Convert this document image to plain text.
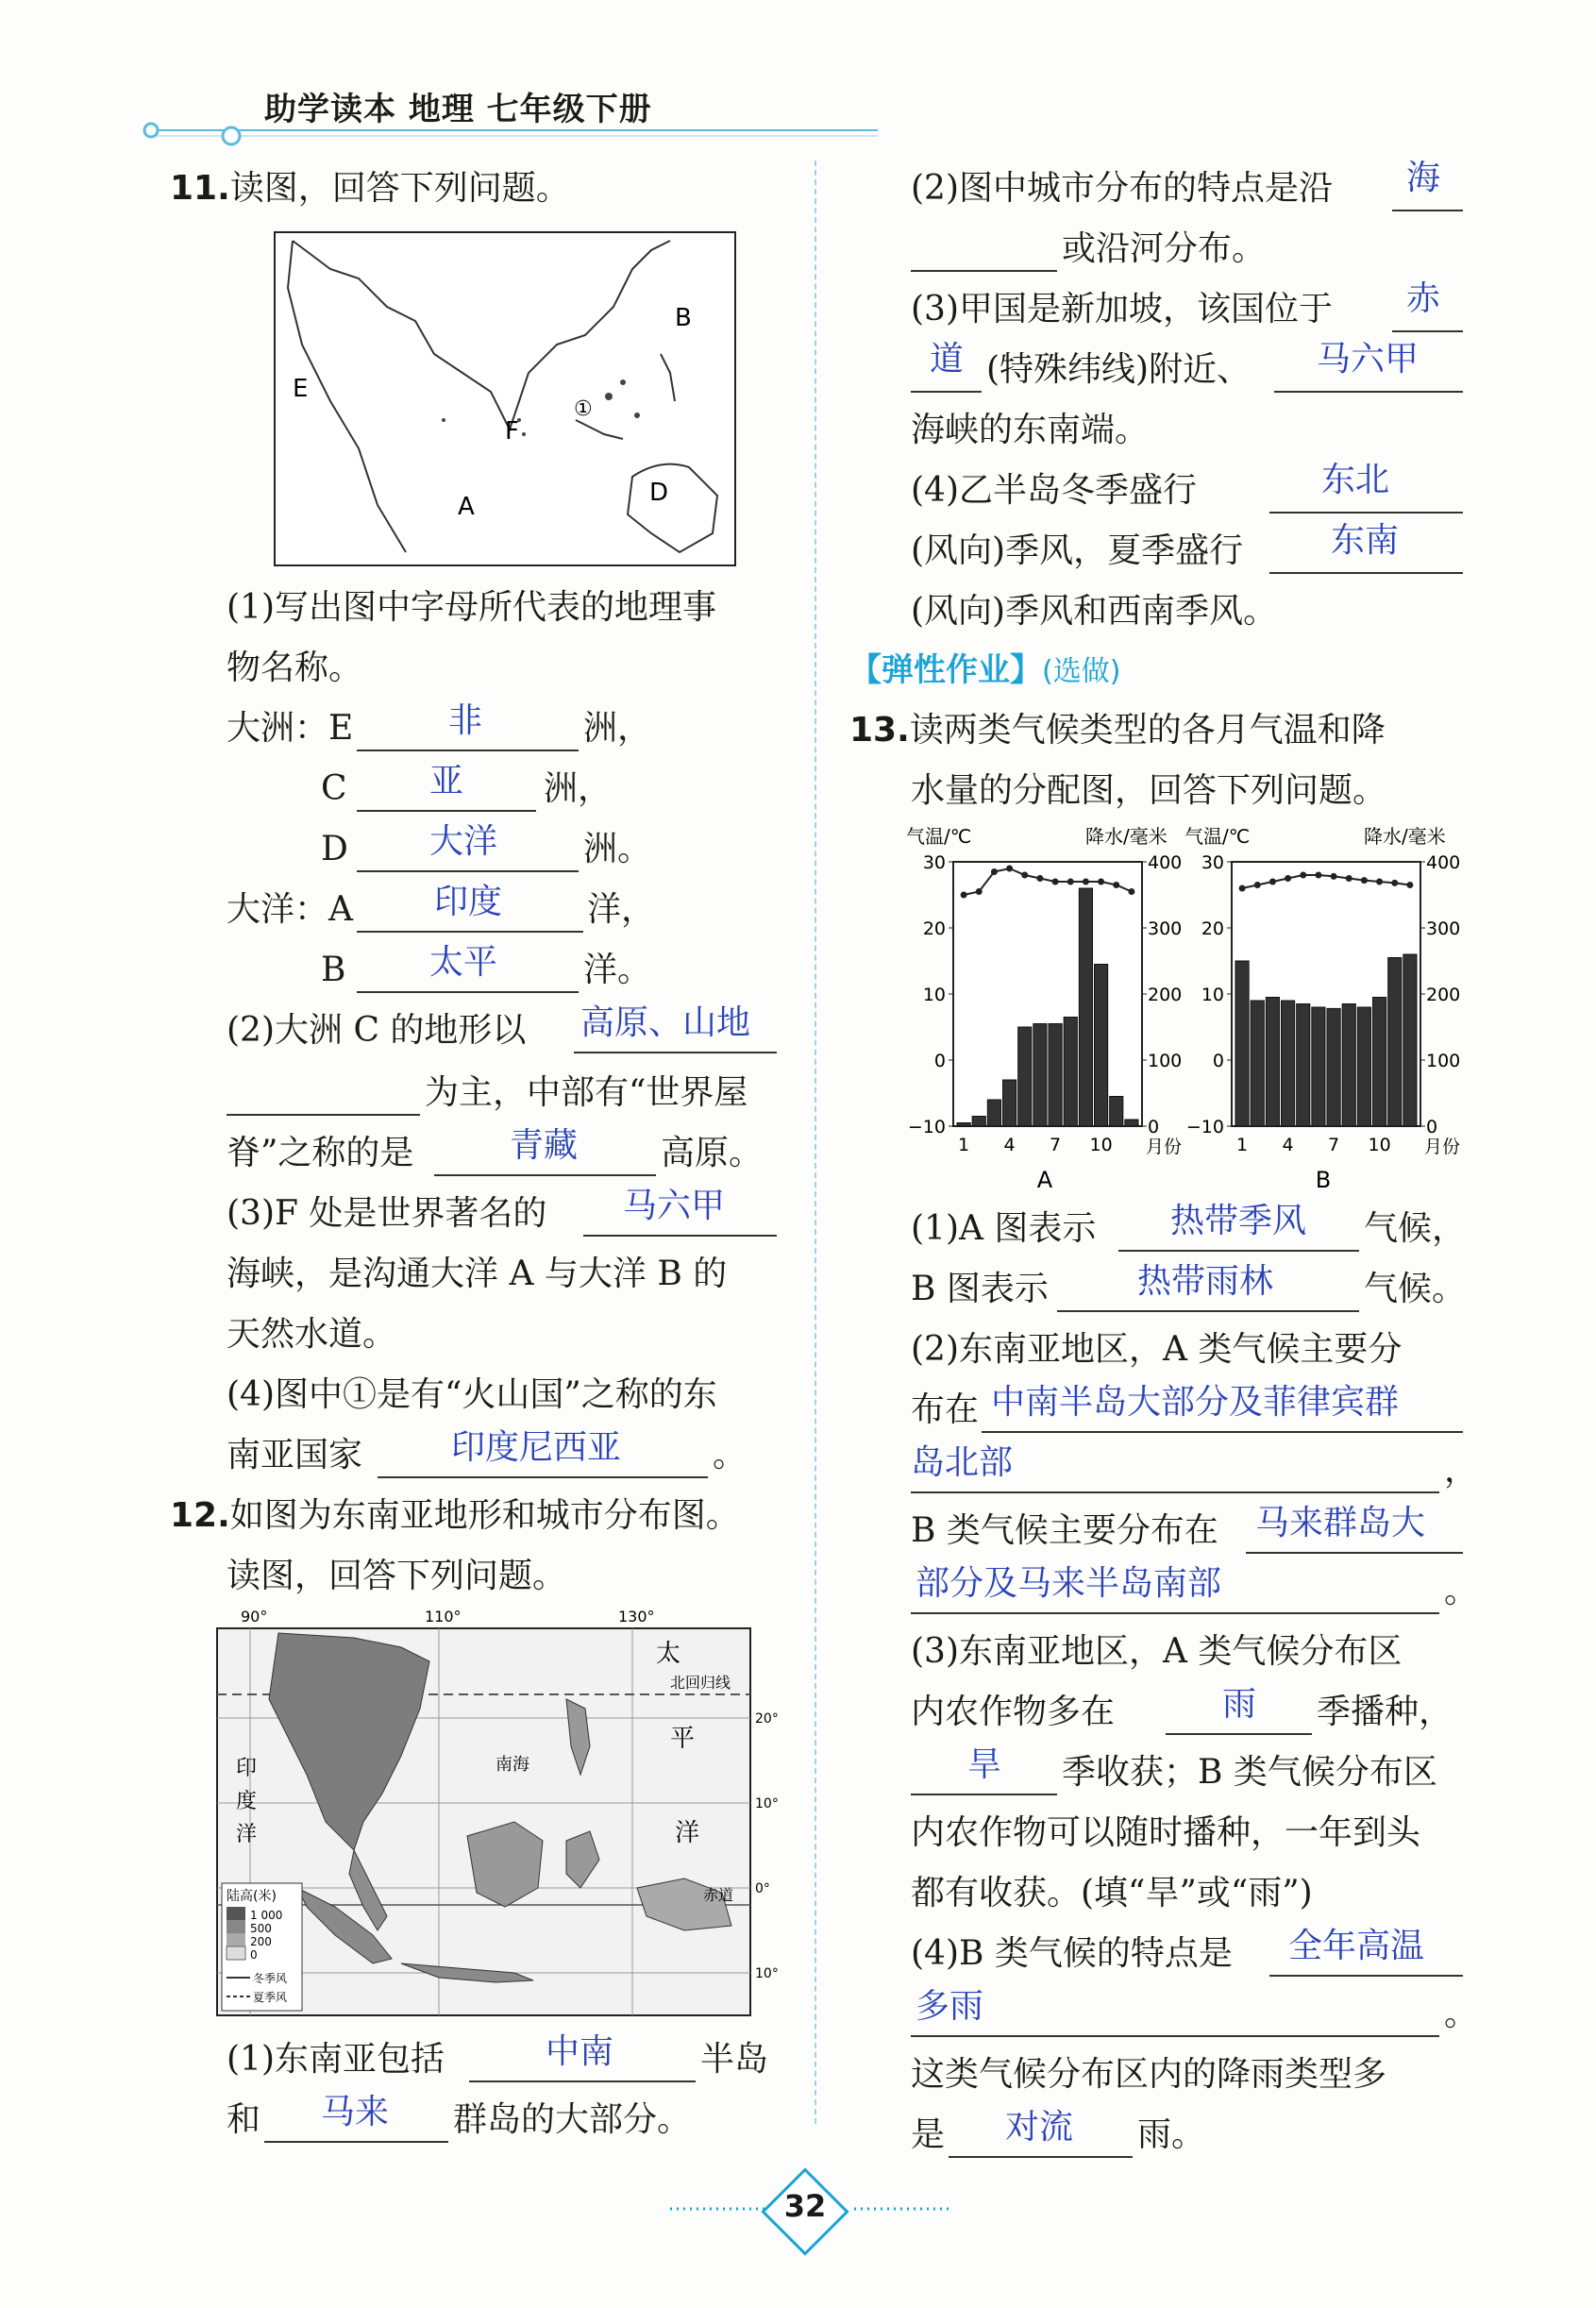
助学读本 地理 七年级下册
11.读图，回答下列问题。
E
B
F
①
D
A
(1)写出图中字母所代表的地理事
物名称。
大洲：E	非	洲，
C 亚 洲，
D 大洋	洲。
大洋：A 印度 洋，
B 太平	洋。
(2)大洲 C 的地形以 高原、山地
为主，中部有“世界屋
脊”之称的是	青藏 高原。
(3)F 处是世界著名的 马六甲
海峡，是沟通大洋 A 与大洋 B 的
天然水道。
(4)图中①是有“火山国”之称的东
南亚国家	印度尼西亚	。
12.如图为东南亚地形和城市分布图。
读图，回答下列问题。
90°	110°	130°
北回归线
赤道
太
平
洋
南海
印
度
洋
20°
10°
0°
10°
陆高(米)
1 000
500
200
0
冬季风
夏季风
(1)东南亚包括	中南	半岛
和 马来 群岛的大部分。
(2)图中城市分布的特点是沿 海
或沿河分布。
(3)甲国是新加坡，该国位于 赤
道 (特殊纬线)附近、 马六甲
海峡的东南端。
(4)乙半岛冬季盛行	东北
(风向)季风，夏季盛行	东南
(风向)季风和西南季风。
【弹性作业】(选做)
13.读两类气候类型的各月气温和降
水量的分配图，回答下列问题。
气温/℃	降水/毫米
30
20
10
0
−10
400
300
200
100
0
1 4 7 10 月份
A
气温/℃	降水/毫米
30
20
10
0
−10
400
300
200
100
0
1 4 7 10 月份
B
(1)A 图表示 热带季风 气候，
B 图表示	热带雨林	气候。
(2)东南亚地区，A 类气候主要分
布在 中南半岛大部分及菲律宾群
岛北部	，
B 类气候主要分布在 马来群岛大
部分及马来半岛南部	。
(3)东南亚地区，A 类气候分布区
内农作物多在	雨 季播种，
旱 季收获；B 类气候分布区
内农作物可以随时播种，一年到头
都有收获。(填“旱”或“雨”)
(4)B 类气候的特点是 全年高温
多雨	。
这类气候分布区内的降雨类型多
是 对流 雨。
32
